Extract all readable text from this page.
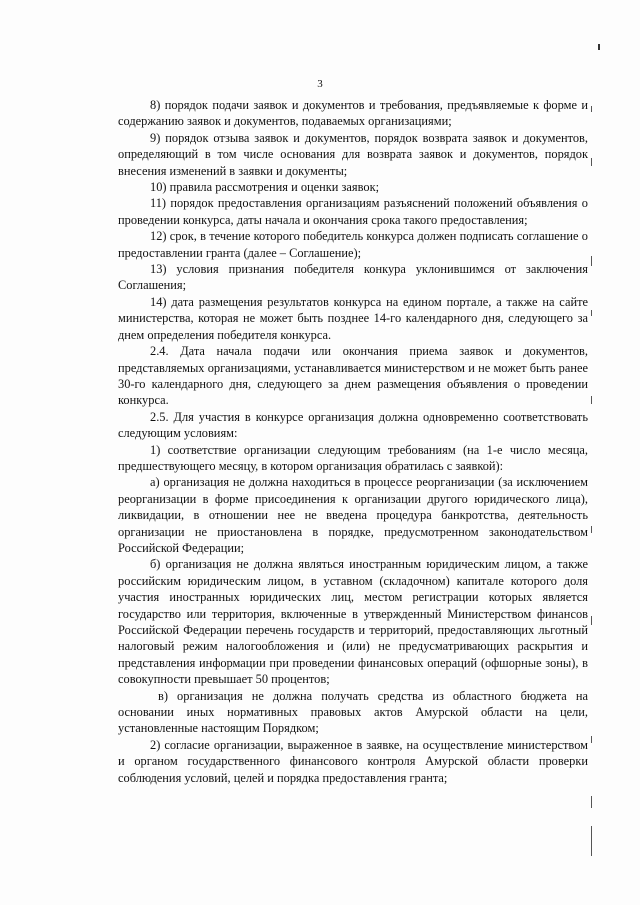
3

8) порядок подачи заявок и документов и требования, предъявляемые к форме и содержанию заявок и документов, подаваемых организациями;

9) порядок отзыва заявок и документов, порядок возврата заявок и документов, определяющий в том числе основания для возврата заявок и документов, порядок внесения изменений в заявки и документы;

10) правила рассмотрения и оценки заявок;

11) порядок предоставления организациям разъяснений положений объявления о проведении конкурса, даты начала и окончания срока такого предоставления;

12) срок, в течение которого победитель конкурса должен подписать соглашение о предоставлении гранта (далее – Соглашение);

13) условия признания победителя конкура уклонившимся от заключения Соглашения;

14) дата размещения результатов конкурса на едином портале, а также на сайте министерства, которая не может быть позднее 14-го календарного дня, следующего за днем определения победителя конкурса.

2.4. Дата начала подачи или окончания приема заявок и документов, представляемых организациями, устанавливается министерством и не может быть ранее 30-го календарного дня, следующего за днем размещения объявления о проведении конкурса.

2.5. Для участия в конкурсе организация должна одновременно соответствовать следующим условиям:

1) соответствие организации следующим требованиям (на 1-е число месяца, предшествующего месяцу, в котором организация обратилась с заявкой):

а) организация не должна находиться в процессе реорганизации (за исключением реорганизации в форме присоединения к организации другого юридического лица), ликвидации, в отношении нее не введена процедура банкротства, деятельность организации не приостановлена в порядке, предусмотренном законодательством Российской Федерации;

б) организация не должна являться иностранным юридическим лицом, а также российским юридическим лицом, в уставном (складочном) капитале которого доля участия иностранных юридических лиц, местом регистрации которых является государство или территория, включенные в утвержденный Министерством финансов Российской Федерации перечень государств и территорий, предоставляющих льготный налоговый режим налогообложения и (или) не предусматривающих раскрытия и представления информации при проведении финансовых операций (офшорные зоны), в совокупности превышает 50 процентов;

в) организация не должна получать средства из областного бюджета на основании иных нормативных правовых актов Амурской области на цели, установленные настоящим Порядком;

2) согласие организации, выраженное в заявке, на осуществление министерством и органом государственного финансового контроля Амурской области проверки соблюдения условий, целей и порядка предоставления гранта;
